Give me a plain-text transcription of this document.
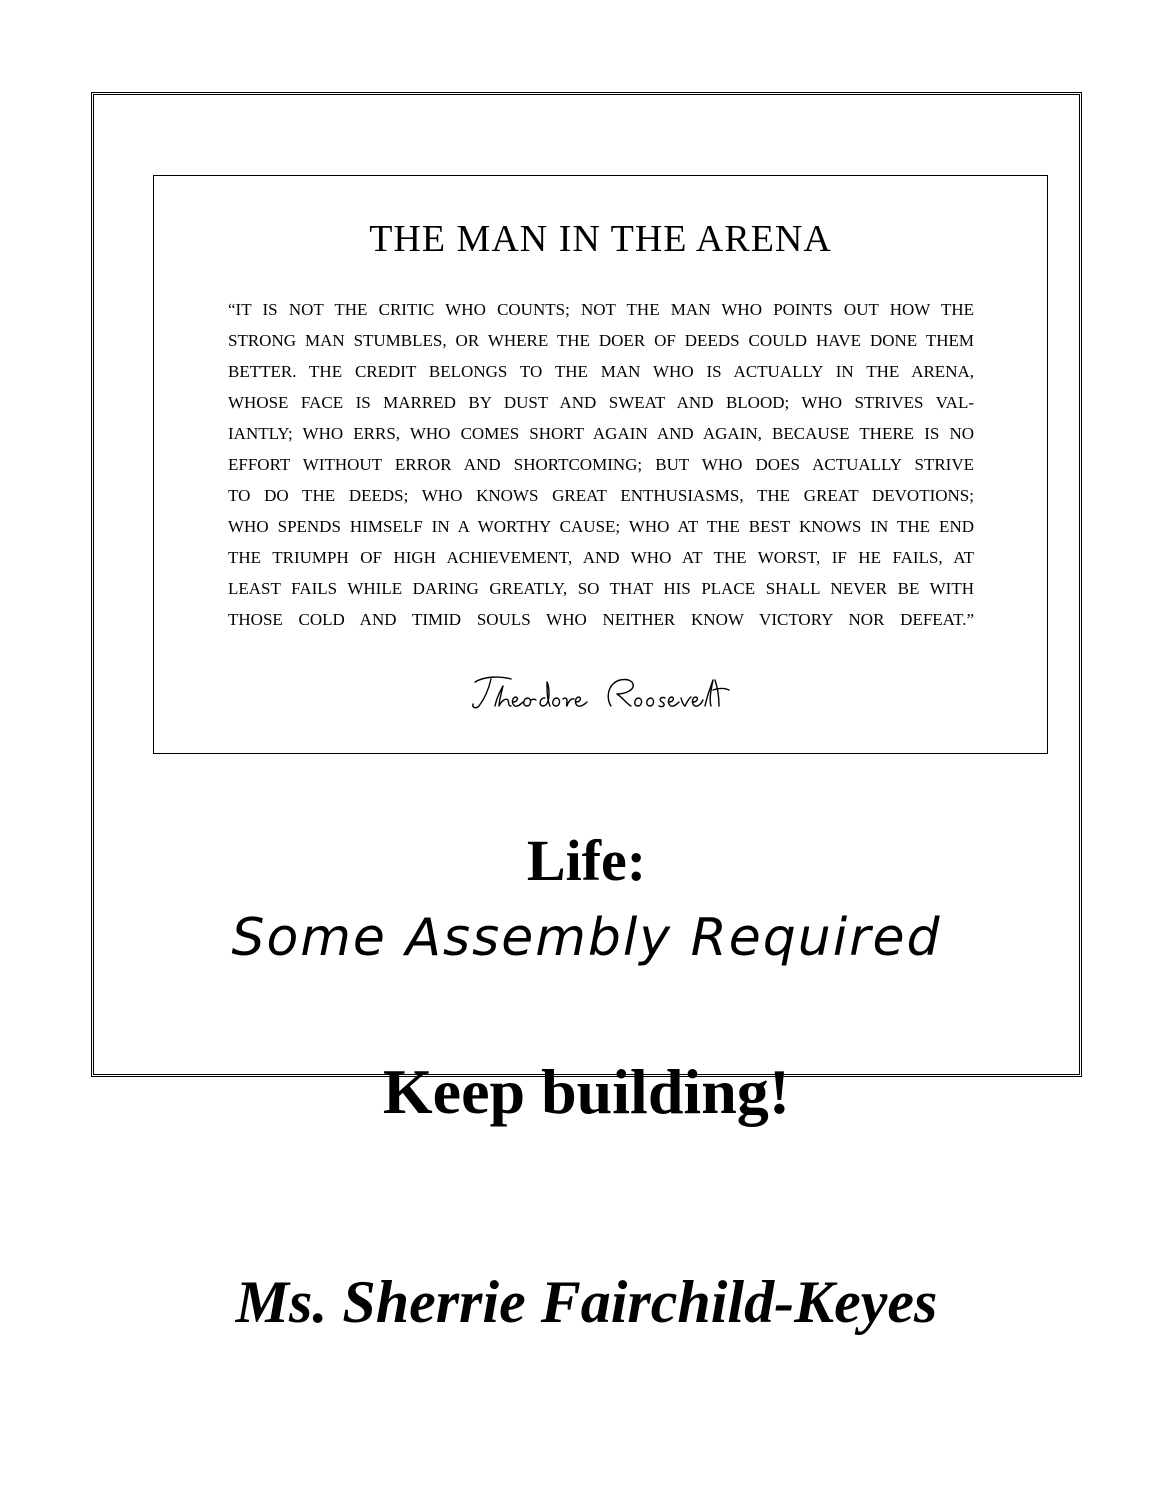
THE MAN IN THE ARENA
“IT IS NOT THE CRITIC WHO COUNTS; NOT THE MAN WHO POINTS OUT HOW THE
STRONG MAN STUMBLES, OR WHERE THE DOER OF DEEDS COULD HAVE DONE THEM
BETTER. THE CREDIT BELONGS TO THE MAN WHO IS ACTUALLY IN THE ARENA,
WHOSE FACE IS MARRED BY DUST AND SWEAT AND BLOOD; WHO STRIVES VAL-
IANTLY; WHO ERRS, WHO COMES SHORT AGAIN AND AGAIN, BECAUSE THERE IS NO
EFFORT WITHOUT ERROR AND SHORTCOMING; BUT WHO DOES ACTUALLY STRIVE
TO DO THE DEEDS; WHO KNOWS GREAT ENTHUSIASMS, THE GREAT DEVOTIONS;
WHO SPENDS HIMSELF IN A WORTHY CAUSE; WHO AT THE BEST KNOWS IN THE END
THE TRIUMPH OF HIGH ACHIEVEMENT, AND WHO AT THE WORST, IF HE FAILS, AT
LEAST FAILS WHILE DARING GREATLY, SO THAT HIS PLACE SHALL NEVER BE WITH
THOSE COLD AND TIMID SOULS WHO NEITHER KNOW VICTORY NOR DEFEAT.”
Life:
Some Assembly Required
Keep building!
Ms. Sherrie Fairchild-Keyes
